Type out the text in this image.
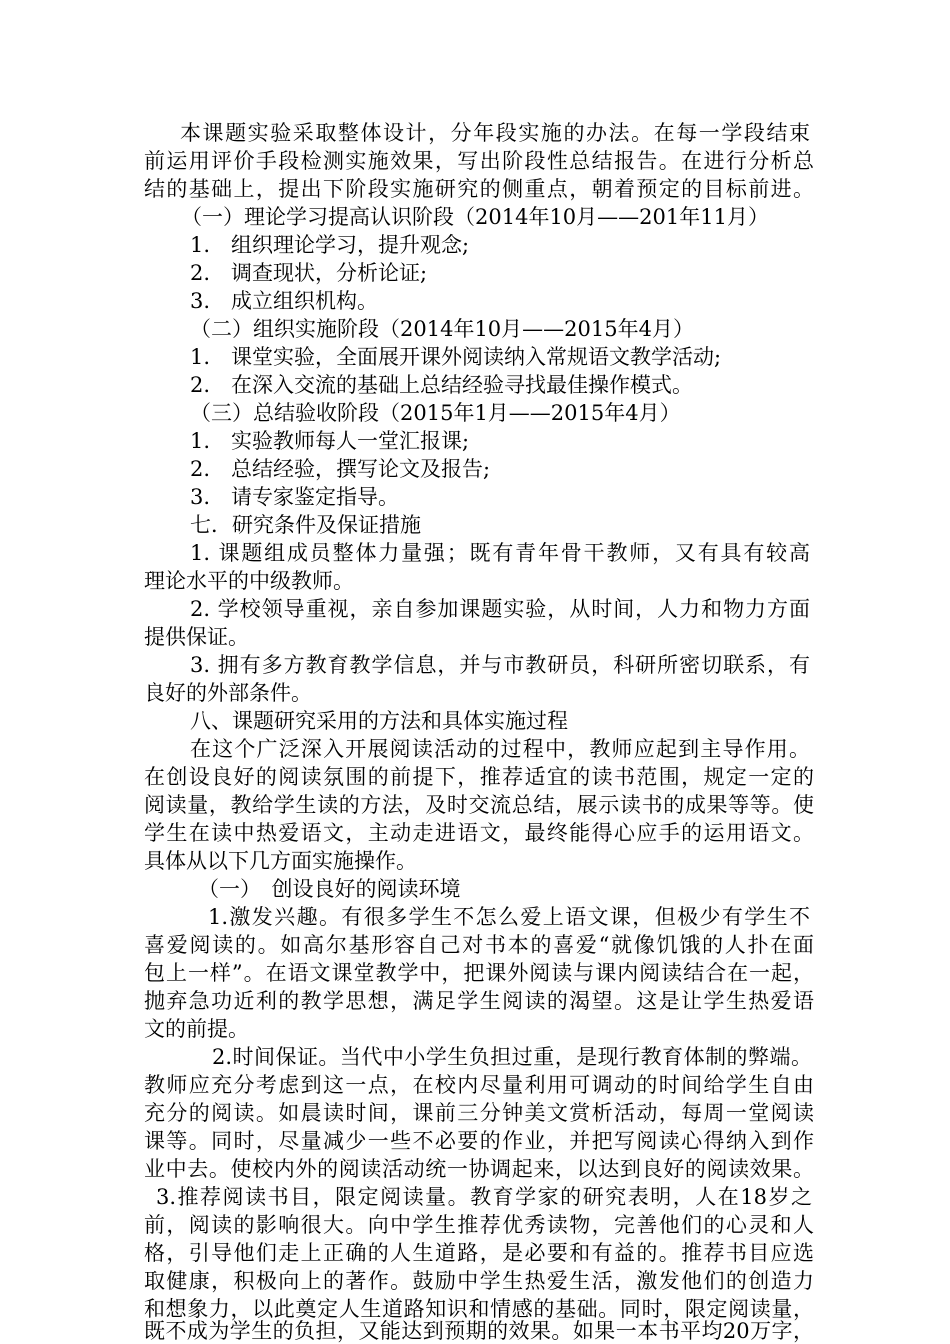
本课题实验采取整体设计，分年段实施的办法。在每一学段结束
前运用评价手段检测实施效果，写出阶段性总结报告。在进行分析总
结的基础上，提出下阶段实施研究的侧重点，朝着预定的目标前进。
（一）理论学习提高认识阶段（2014年10月——201年11月）
1.　组织理论学习，提升观念;
2.　调查现状，分析论证;
3.　成立组织机构。
（二）组织实施阶段（2014年10月——2015年4月）
1.　课堂实验，全面展开课外阅读纳入常规语文教学活动;
2.　在深入交流的基础上总结经验寻找最佳操作模式。
（三）总结验收阶段（2015年1月——2015年4月）
1.　实验教师每人一堂汇报课;
2.　总结经验，撰写论文及报告;
3.　请专家鉴定指导。
七．研究条件及保证措施
1. 课题组成员整体力量强；既有青年骨干教师，又有具有较高
理论水平的中级教师。
2. 学校领导重视，亲自参加课题实验，从时间，人力和物力方面
提供保证。
3. 拥有多方教育教学信息，并与市教研员，科研所密切联系，有
良好的外部条件。
八、课题研究采用的方法和具体实施过程
在这个广泛深入开展阅读活动的过程中，教师应起到主导作用。
在创设良好的阅读氛围的前提下，推荐适宜的读书范围，规定一定的
阅读量，教给学生读的方法，及时交流总结，展示读书的成果等等。使
学生在读中热爱语文，主动走进语文，最终能得心应手的运用语文。
具体从以下几方面实施操作。
（一）　创设良好的阅读环境
1.激发兴趣。有很多学生不怎么爱上语文课，但极少有学生不
喜爱阅读的。如高尔基形容自己对书本的喜爱“就像饥饿的人扑在面
包上一样”。在语文课堂教学中，把课外阅读与课内阅读结合在一起，
抛弃急功近利的教学思想，满足学生阅读的渴望。这是让学生热爱语
文的前提。
2.时间保证。当代中小学生负担过重，是现行教育体制的弊端。
教师应充分考虑到这一点，在校内尽量利用可调动的时间给学生自由
充分的阅读。如晨读时间，课前三分钟美文赏析活动，每周一堂阅读
课等。同时，尽量减少一些不必要的作业，并把写阅读心得纳入到作
业中去。使校内外的阅读活动统一协调起来，以达到良好的阅读效果。
3.推荐阅读书目，限定阅读量。教育学家的研究表明，人在18岁之
前，阅读的影响很大。向中学生推荐优秀读物，完善他们的心灵和人
格，引导他们走上正确的人生道路，是必要和有益的。推荐书目应选
取健康，积极向上的著作。鼓励中学生热爱生活，激发他们的创造力
和想象力，以此奠定人生道路知识和情感的基础。同时，限定阅读量，
既不成为学生的负担，又能达到预期的效果。如果一本书平均20万字，
